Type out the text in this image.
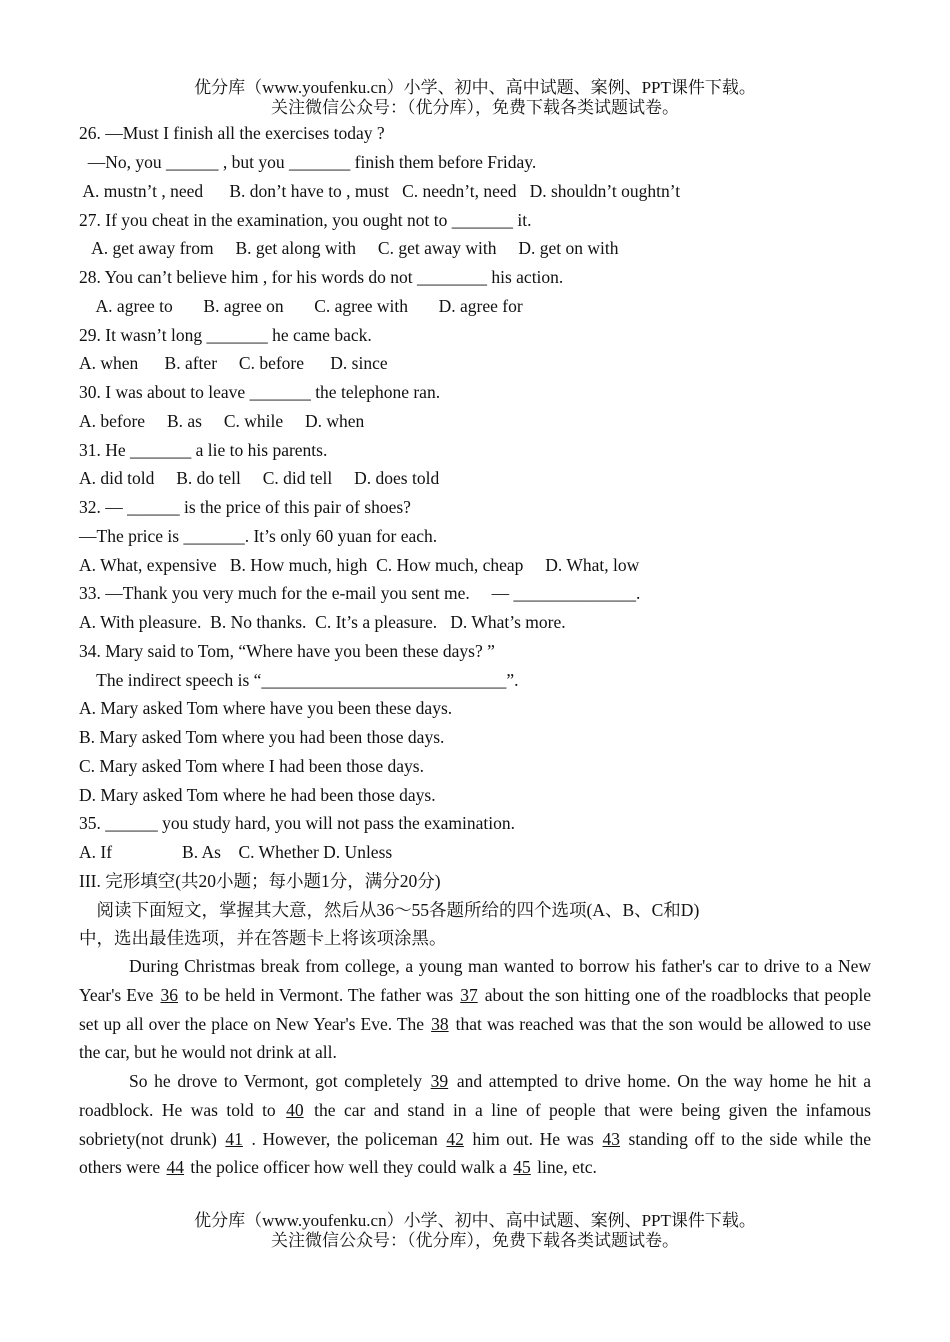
优分库（www.youfenku.cn）小学、初中、高中试题、案例、PPT课件下载。
关注微信公众号：（优分库），免费下载各类试题试卷。
26. —Must I finish all the exercises today ?
—No, you ______ , but you _______ finish them before Friday.
A. mustn’t , need      B. don’t have to , must   C. needn’t, need   D. shouldn’t oughtn’t
27. If you cheat in the examination, you ought not to _______ it.
A. get away from     B. get along with     C. get away with     D. get on with
28. You can’t believe him , for his words do not ________ his action.
A. agree to       B. agree on       C. agree with       D. agree for
29. It wasn’t long _______ he came back.
A. when      B. after     C. before      D. since
30. I was about to leave _______ the telephone ran.
A. before     B. as     C. while     D. when
31. He _______ a lie to his parents.
A. did told     B. do tell     C. did tell     D. does told
32. — ______ is the price of this pair of shoes?
—The price is _______. It’s only 60 yuan for each.
A. What, expensive   B. How much, high  C. How much, cheap     D. What, low
33. —Thank you very much for the e-mail you sent me.     — ______________.
A. With pleasure.  B. No thanks.  C. It’s a pleasure.   D. What’s more.
34. Mary said to Tom, “Where have you been these days? ”
The indirect speech is “____________________________”.
A. Mary asked Tom where have you been these days.
B. Mary asked Tom where you had been those days.
C. Mary asked Tom where I had been those days.
D. Mary asked Tom where he had been those days.
35. ______ you study hard, you will not pass the examination.
A. If                B. As    C. Whether D. Unless
III. 完形填空(共20小题；每小题1分，满分20分)
阅读下面短文，掌握其大意，然后从36～55各题所给的四个选项(A、B、C和D)
中，选出最佳选项，并在答题卡上将该项涂黑。
During Christmas break from college, a young man wanted to borrow his father's car to drive to a New Year's Eve 36 to be held in Vermont. The father was 37 about the son hitting one of the roadblocks that people set up all over the place on New Year's Eve. The 38 that was reached was that the son would be allowed to use the car, but he would not drink at all.
So he drove to Vermont, got completely 39 and attempted to drive home. On the way home he hit a roadblock. He was told to 40 the car and stand in a line of people that were being given the infamous sobriety(not drunk) 41 . However, the policeman 42 him out. He was 43 standing off to the side while the others were 44 the police officer how well they could walk a 45 line, etc.
优分库（www.youfenku.cn）小学、初中、高中试题、案例、PPT课件下载。
关注微信公众号：（优分库），免费下载各类试题试卷。
